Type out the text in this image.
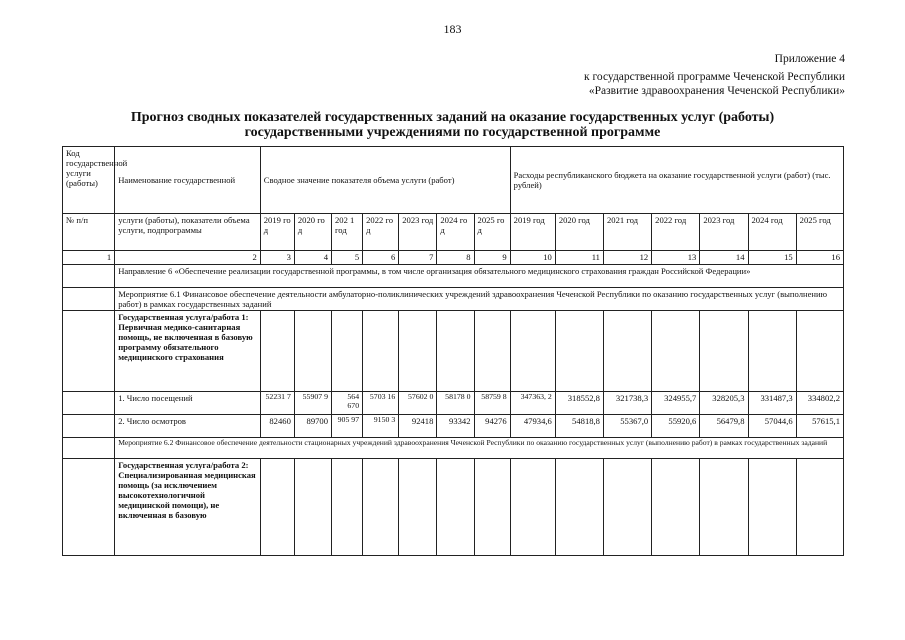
183
Приложение 4
к государственной программе Чеченской Республики
«Развитие здравоохранения Чеченской Республики»
Прогноз сводных показателей государственных заданий на оказание государственных услуг (работы)
государственными учреждениями по государственной программе
Код государственной услуги (работы)	Наименование государственной	Сводное значение показателя объема услуги (работ)							Расходы республиканского бюджета на оказание государственной услуги (работ) (тыс. рублей)						
№ п/п	услуги (работы), показатели объема услуги, подпрограммы	2019 год	2020 год	202 1 год	2022 год	2023 год	2024 год	2025 год	2019 год	2020 год	2021 год	2022 год	2023 год	2024 год	2025 год
1	2	3	4	5	6	7	8	9	10	11	12	13	14	15	16
	Направление 6 «Обеспечение реализации государственной программы, в том числе организация обязательного медицинского страхования граждан Российской Федерации»														
	Мероприятие 6.1 Финансовое обеспечение деятельности амбулаторно-поликлинических учреждений здравоохранения Чеченской Республики по оказанию государственных услуг (выполнению работ) в рамках государственных заданий														
	Государственная услуга/работа 1: Первичная медико-санитарная помощь, не включенная в базовую программу обязательного медицинского страхования														
	1. Число посещений	52231 7	55907 9	564 670	5703 16	57602 0	58178 0	58759 8	347363, 2	318552,8	321738,3	324955,7	328205,3	331487,3	334802,2
	2. Число осмотров	82460	89700	905 97	9150 3	92418	93342	94276	47934,6	54818,8	55367,0	55920,6	56479,8	57044,6	57615,1
	Мероприятие 6.2 Финансовое обеспечение деятельности стационарных учреждений здравоохранения Чеченской Республики по оказанию государственных услуг (выполнению работ) в рамках государственных заданий														
	Государственная услуга/работа 2: Специализированная медицинская помощь (за исключением высокотехнологичной медицинской помощи), не включенная в базовую														
